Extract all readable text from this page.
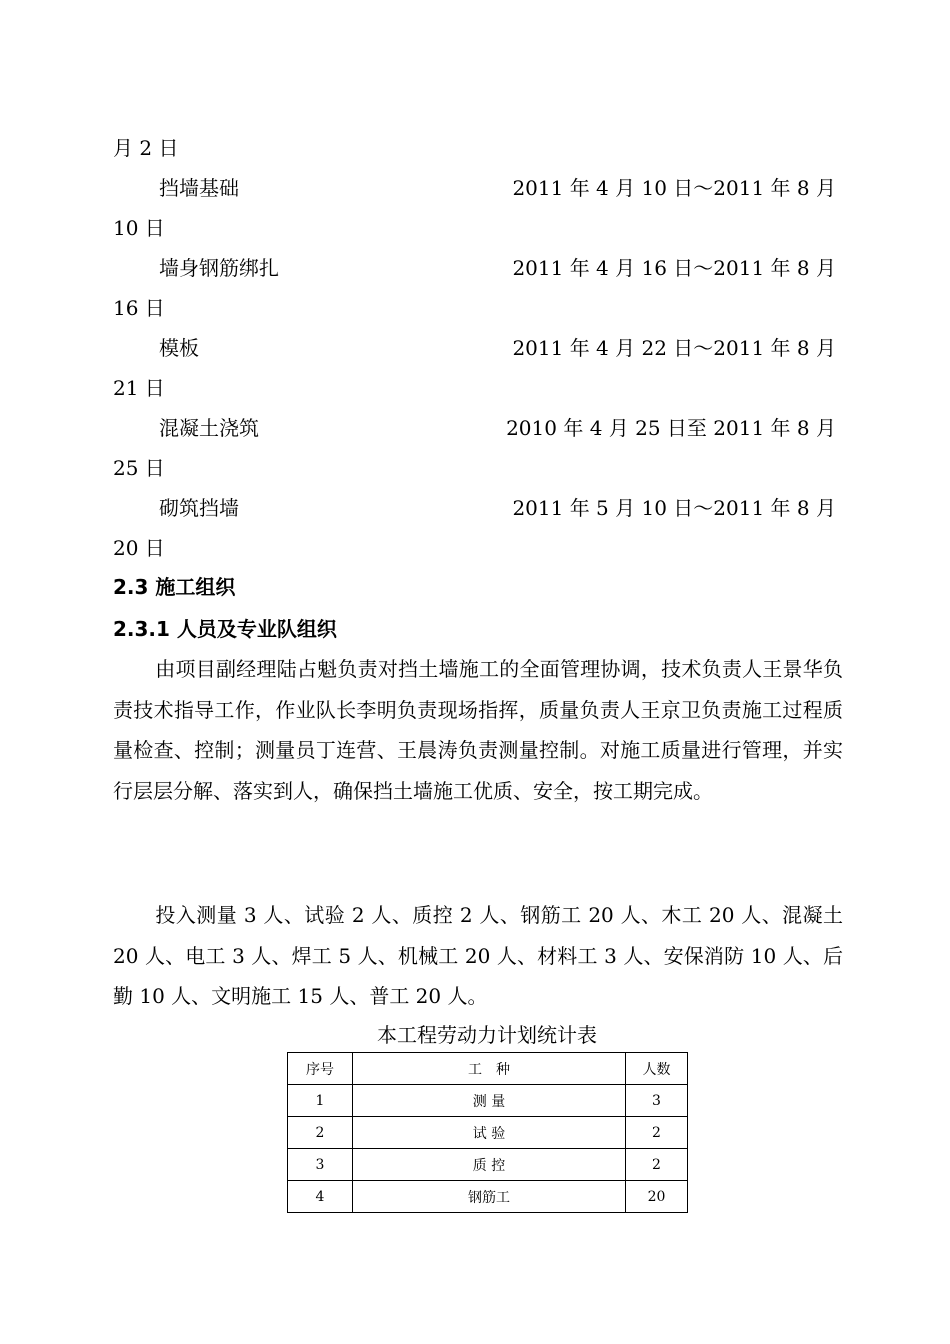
月 2 日
挡墙基础	2011 年 4 月 10 日～2011 年 8 月
10 日
墙身钢筋绑扎	2011 年 4 月 16 日～2011 年 8 月
16 日
模板	2011 年 4 月 22 日～2011 年 8 月
21 日
混凝土浇筑	2010 年 4 月 25 日至 2011 年 8 月
25 日
砌筑挡墙	2011 年 5 月 10 日～2011 年 8 月
20 日
2.3 施工组织
2.3.1 人员及专业队组织
由项目副经理陆占魁负责对挡土墙施工的全面管理协调，技术负责人王景华负责技术指导工作，作业队长李明负责现场指挥，质量负责人王京卫负责施工过程质量检查、控制；测量员丁连营、王晨涛负责测量控制。对施工质量进行管理，并实行层层分解、落实到人，确保挡土墙施工优质、安全，按工期完成。
投入测量 3 人、试验 2 人、质控 2 人、钢筋工 20 人、木工 20 人、混凝土 20 人、电工 3 人、焊工 5 人、机械工 20 人、材料工 3 人、安保消防 10 人、后勤 10 人、文明施工 15 人、普工 20 人。
本工程劳动力计划统计表
序号	工　种	人数
1	测 量	3
2	试 验	2
3	质 控	2
4	钢筋工	20
